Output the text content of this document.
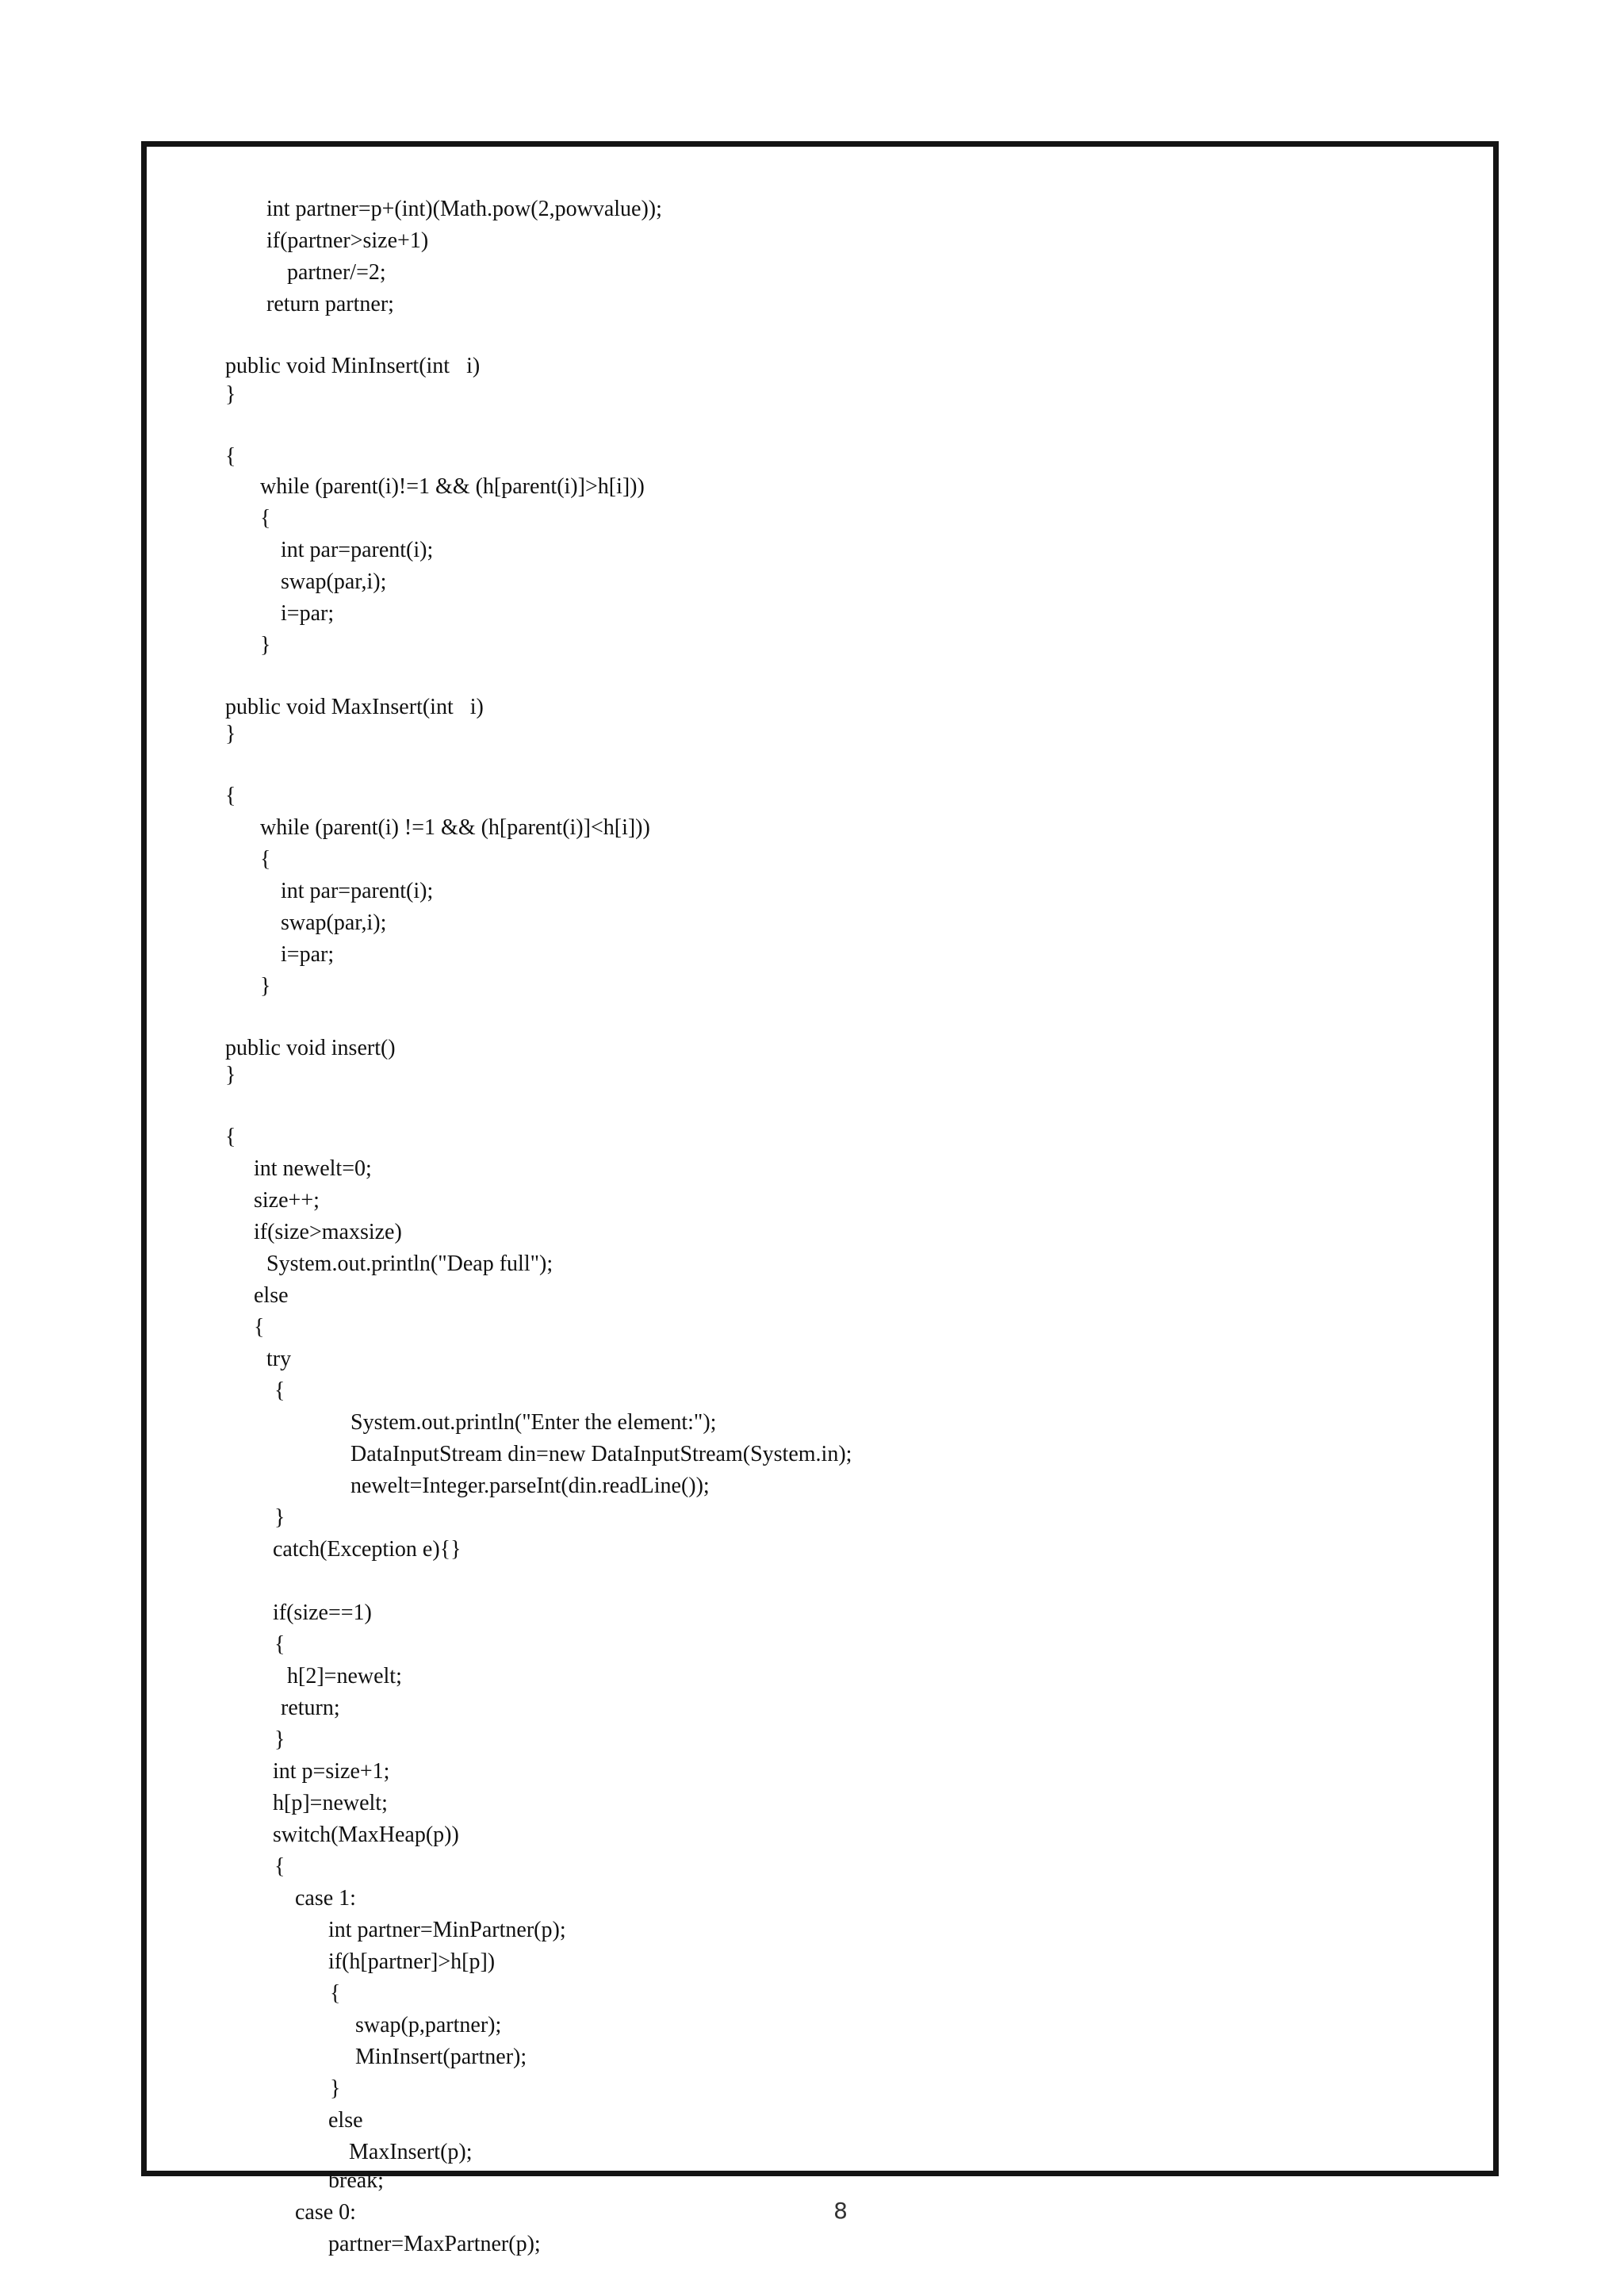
int partner=p+(int)(Math.pow(2,powvalue));
if(partner>size+1)
partner/=2;
return partner;
public void MinInsert(int   i)
}
{
while (parent(i)!=1 && (h[parent(i)]>h[i]))
{
int par=parent(i);
swap(par,i);
i=par;
}
public void MaxInsert(int   i)
}
{
while (parent(i) !=1 && (h[parent(i)]<h[i]))
{
int par=parent(i);
swap(par,i);
i=par;
}
public void insert()
}
{
int newelt=0;
size++;
if(size>maxsize)
System.out.println("Deap full");
else
{
try
{
System.out.println("Enter the element:");
DataInputStream din=new DataInputStream(System.in);
newelt=Integer.parseInt(din.readLine());
}
catch(Exception e){}
if(size==1)
{
h[2]=newelt;
return;
}
int p=size+1;
h[p]=newelt;
switch(MaxHeap(p))
{
case 1:
int partner=MinPartner(p);
if(h[partner]>h[p])
{
swap(p,partner);
MinInsert(partner);
}
else
MaxInsert(p);
break;
case 0:
partner=MaxPartner(p);
8
